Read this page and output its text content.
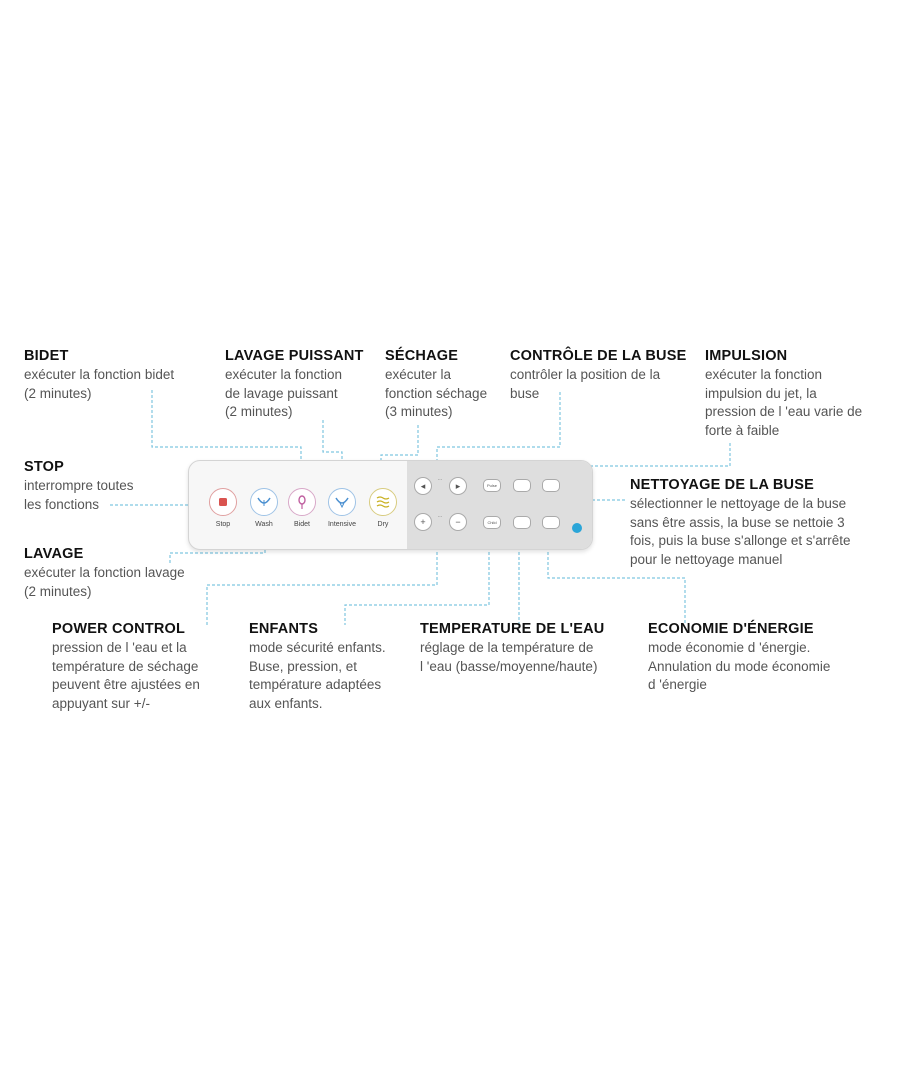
BIDET

exécuter la fonction bidet
(2 minutes)

LAVAGE PUISSANT

exécuter la fonction
de lavage puissant
(2 minutes)

SÉCHAGE

exécuter la
fonction séchage
(3 minutes)

CONTRÔLE DE LA BUSE

contrôler la position de la
buse

IMPULSION

exécuter la fonction
impulsion du jet, la
pression de l 'eau varie de
forte à faible

STOP

interrompre toutes
les fonctions

NETTOYAGE DE LA BUSE

sélectionner le nettoyage de la buse
sans être assis, la buse se nettoie 3
fois, puis la buse s'allonge et s'arrête
pour le nettoyage manuel

LAVAGE

exécuter la fonction lavage
(2 minutes)

POWER CONTROL

pression de l 'eau et la
température de séchage
peuvent être ajustées en
appuyant sur +/-

ENFANTS

mode sécurité enfants.
Buse, pression, et
température adaptées
aux enfants.

TEMPERATURE DE L'EAU

réglage de la température de
l 'eau (basse/moyenne/haute)

ECONOMIE D'ÉNERGIE

mode économie d 'énergie.
Annulation du mode économie
d 'énergie

◂
···
▸
+	···	−
Pulse
Child
Stop	Wash	Bidet	Intensive	Dry
